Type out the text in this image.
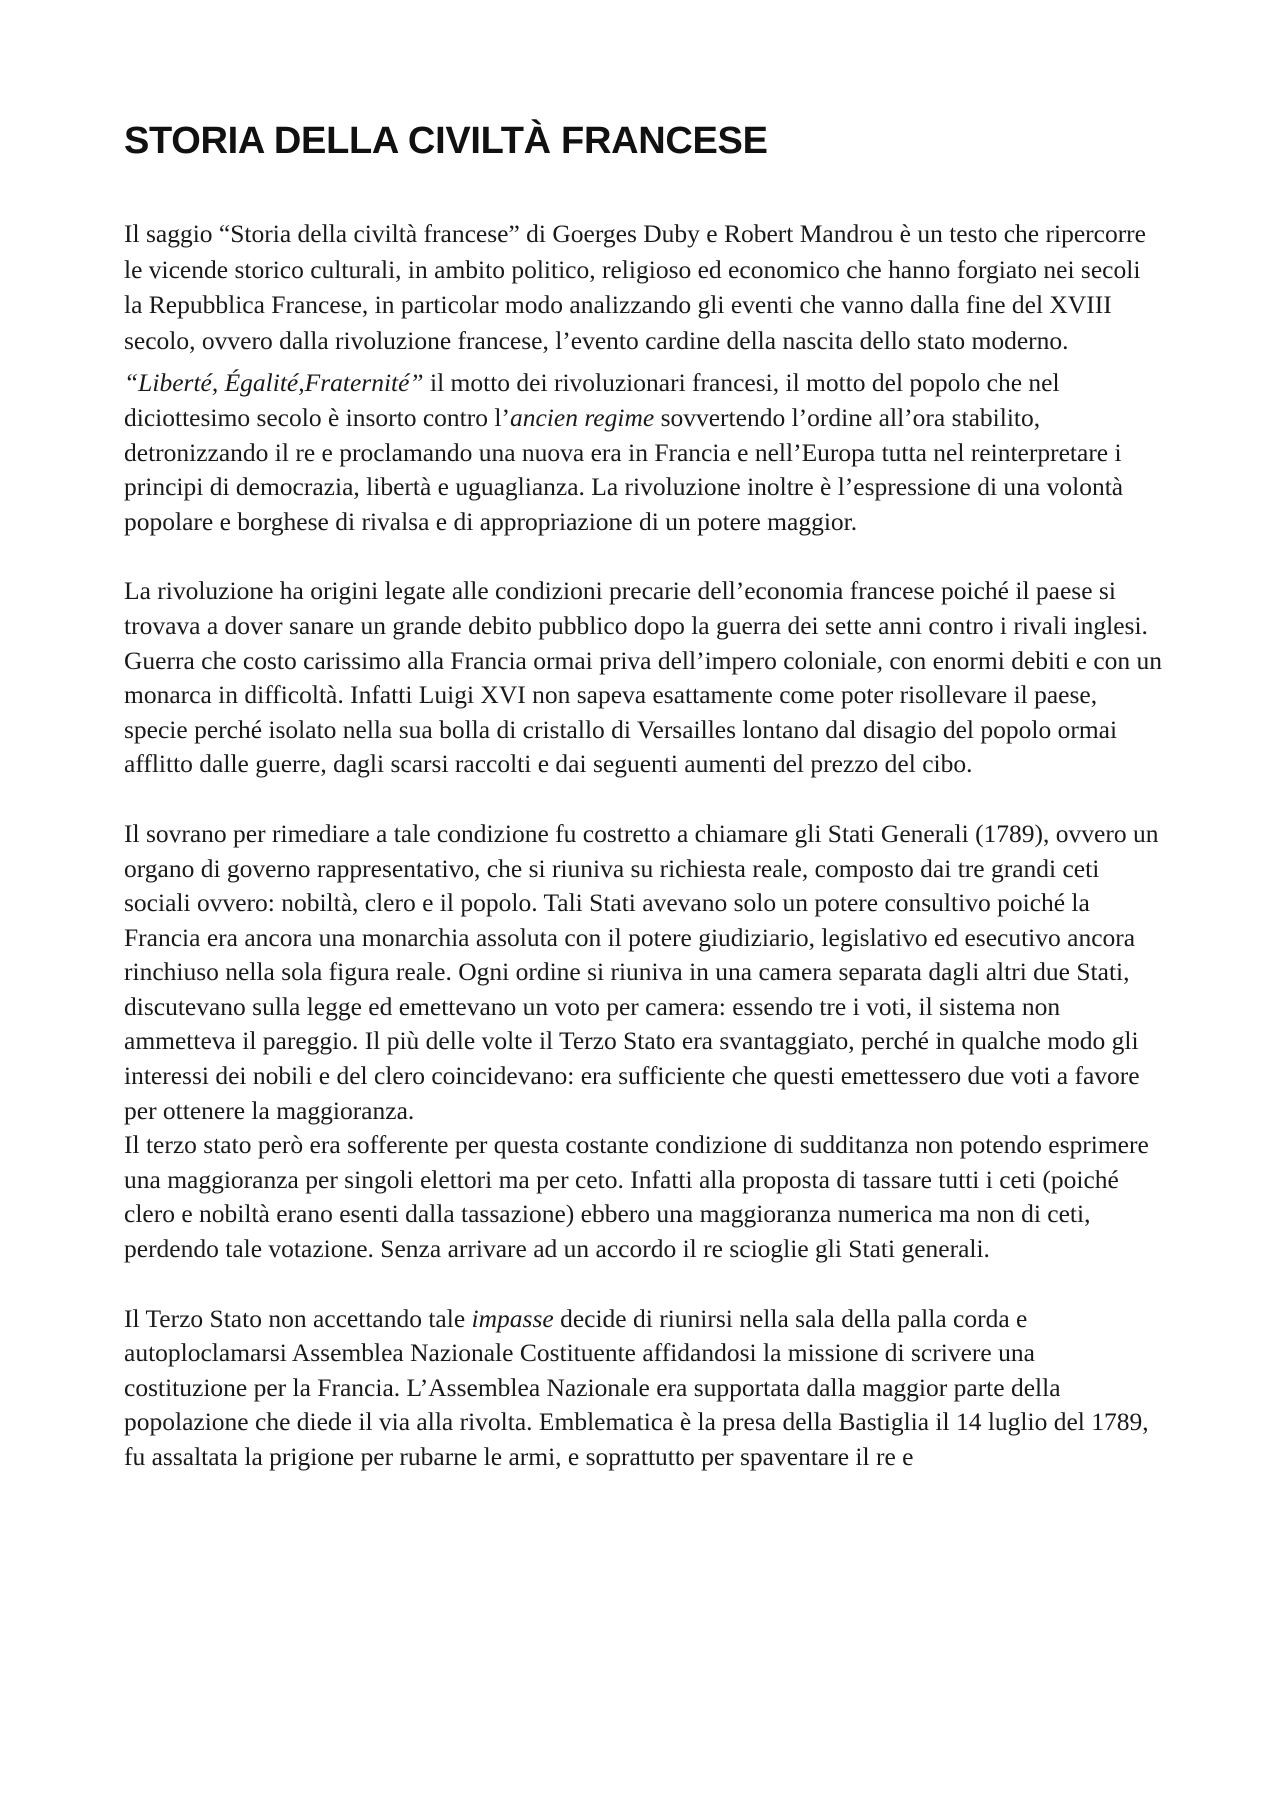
STORIA DELLA CIVILTÀ FRANCESE

Il saggio “Storia della civiltà francese” di Goerges Duby e Robert Mandrou è un testo che ripercorre le vicende storico culturali, in ambito politico, religioso ed economico che hanno forgiato nei secoli la Repubblica Francese, in particolar modo analizzando gli eventi che vanno dalla fine del XVIII secolo, ovvero dalla rivoluzione francese, l’evento cardine della nascita dello stato moderno.

“Liberté, Égalité,Fraternité” il motto dei rivoluzionari francesi, il motto del popolo che nel diciottesimo secolo è insorto contro l’ancien regime sovvertendo l’ordine all’ora stabilito, detronizzando il re e proclamando una nuova era in Francia e nell’Europa tutta nel reinterpretare i principi di democrazia, libertà e uguaglianza. La rivoluzione inoltre è l’espressione di una volontà popolare e borghese di rivalsa e di appropriazione di un potere maggior.

La rivoluzione ha origini legate alle condizioni precarie dell’economia francese poiché il paese si trovava a dover sanare un grande debito pubblico dopo la guerra dei sette anni contro i rivali inglesi. Guerra che costo carissimo alla Francia ormai priva dell’impero coloniale, con enormi debiti e con un monarca in difficoltà. Infatti Luigi XVI non sapeva esattamente come poter risollevare il paese, specie perché isolato nella sua bolla di cristallo di Versailles lontano dal disagio del popolo ormai afflitto dalle guerre, dagli scarsi raccolti e dai seguenti aumenti del prezzo del cibo.

Il sovrano per rimediare a tale condizione fu costretto a chiamare gli Stati Generali (1789), ovvero un organo di governo rappresentativo, che si riuniva su richiesta reale, composto dai tre grandi ceti sociali ovvero: nobiltà, clero e il popolo. Tali Stati avevano solo un potere consultivo poiché la Francia era ancora una monarchia assoluta con il potere giudiziario, legislativo ed esecutivo ancora rinchiuso nella sola figura reale. Ogni ordine si riuniva in una camera separata dagli altri due Stati, discutevano sulla legge ed emettevano un voto per camera: essendo tre i voti, il sistema non ammetteva il pareggio. Il più delle volte il Terzo Stato era svantaggiato, perché in qualche modo gli interessi dei nobili e del clero coincidevano: era sufficiente che questi emettessero due voti a favore per ottenere la maggioranza.

Il terzo stato però era sofferente per questa costante condizione di sudditanza non potendo esprimere una maggioranza per singoli elettori ma per ceto. Infatti alla proposta di tassare tutti i ceti (poiché clero e nobiltà erano esenti dalla tassazione) ebbero una maggioranza numerica ma non di ceti, perdendo tale votazione. Senza arrivare ad un accordo il re scioglie gli Stati generali.

Il Terzo Stato non accettando tale impasse decide di riunirsi nella sala della palla corda e autoploclamarsi Assemblea Nazionale Costituente affidandosi la missione di scrivere una costituzione per la Francia. L’Assemblea Nazionale era supportata dalla maggior parte della popolazione che diede il via alla rivolta. Emblematica è la presa della Bastiglia il 14 luglio del 1789, fu assaltata la prigione per rubarne le armi, e soprattutto per spaventare il re e
